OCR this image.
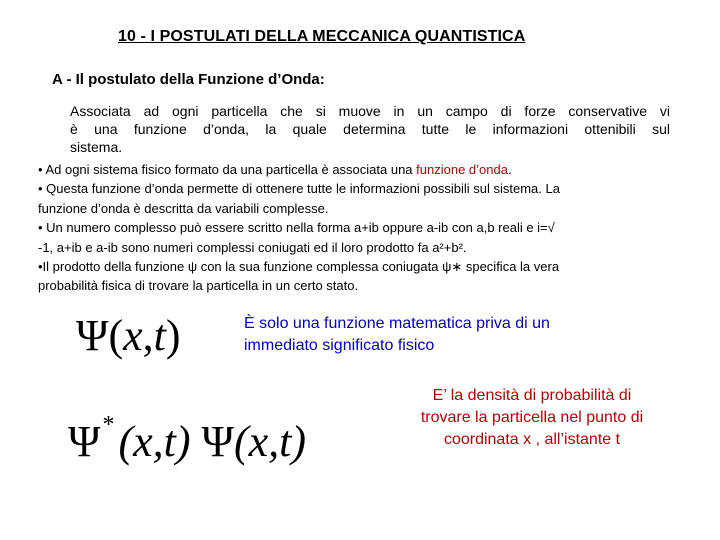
10 - I POSTULATI DELLA MECCANICA QUANTISTICA
A - Il postulato della Funzione d’Onda:
Associata ad ogni particella che si muove in un campo di forze conservative vi
è una funzione d’onda, la quale determina tutte le informazioni ottenibili sul
sistema.
• Ad ogni sistema fisico formato da una particella è associata una funzione d’onda.
• Questa funzione d’onda permette di ottenere tutte le informazioni possibili sul sistema. La
funzione d’onda è descritta da variabili complesse.
• Un numero complesso può essere scritto nella forma a+ib oppure a-ib con a,b reali e i=√
-1, a+ib e a-ib sono numeri complessi coniugati ed il loro prodotto fa a²+b².
•Il prodotto della funzione ψ con la sua funzione complessa coniugata ψ∗ specifica la vera
probabilità fisica di trovare la particella in un certo stato.
Ψ(x,t)
Ψ*(x,t) Ψ(x,t)
È solo una funzione matematica priva di un immediato significato fisico
E’ la densità di probabilità di
trovare la particella nel punto di
coordinata x , all’istante t
